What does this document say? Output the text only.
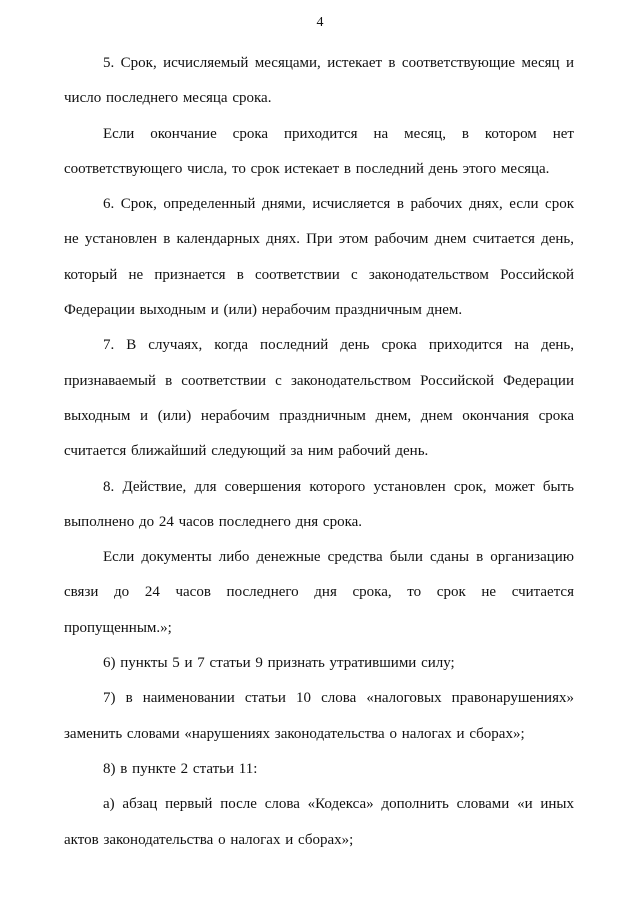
4

5. Срок, исчисляемый месяцами, истекает в соответствующие месяц и число последнего месяца срока.

Если окончание срока приходится на месяц, в котором нет соответствующего числа, то срок истекает в последний день этого месяца.

6. Срок, определенный днями, исчисляется в рабочих днях, если срок не установлен в календарных днях. При этом рабочим днем считается день, который не признается в соответствии с законодательством Российской Федерации выходным и (или) нерабочим праздничным днем.

7. В случаях, когда последний день срока приходится на день, признаваемый в соответствии с законодательством Российской Федерации выходным и (или) нерабочим праздничным днем, днем окончания срока считается ближайший следующий за ним рабочий день.

8. Действие, для совершения которого установлен срок, может быть выполнено до 24 часов последнего дня срока.

Если документы либо денежные средства были сданы в организацию связи до 24 часов последнего дня срока, то срок не считается пропущенным.»;

6) пункты 5 и 7 статьи 9 признать утратившими силу;

7) в наименовании статьи 10 слова «налоговых правонарушениях» заменить словами «нарушениях законодательства о налогах и сборах»;

8) в пункте 2 статьи 11:

а) абзац первый после слова «Кодекса» дополнить словами «и иных актов законодательства о налогах и сборах»;
